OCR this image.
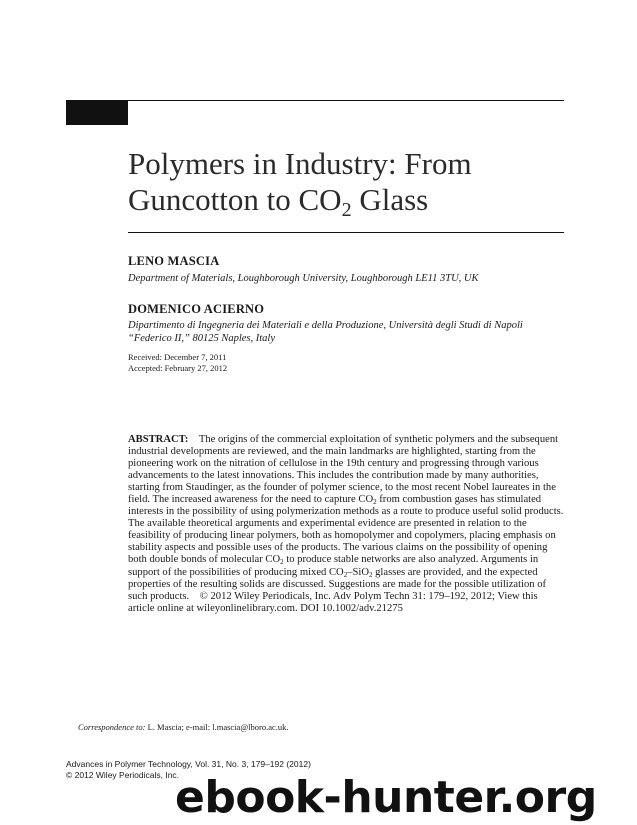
Polymers in Industry: From
Guncotton to $CO_2$ Glass
LENO MASCIA
Department of Materials, Loughborough University, Loughborough LE11 3TU, UK
DOMENICO ACIERNO
Dipartimento di Ingegneria dei Materiali e della Produzione, Università degli Studi di Napoli “Federico II,” 80125 Naples, Italy
Received: December 7, 2011
Accepted: February 27, 2012
ABSTRACT: The origins of the commercial exploitation of synthetic polymers and the subsequent industrial developments are reviewed, and the main landmarks are highlighted, starting from the pioneering work on the nitration of cellulose in the 19th century and progressing through various advancements to the latest innovations. This includes the contribution made by many authorities, starting from Staudinger, as the founder of polymer science, to the most recent Nobel laureates in the field. The increased awareness for the need to capture $CO_2$ from combustion gases has stimulated interests in the possibility of using polymerization methods as a route to produce useful solid products. The available theoretical arguments and experimental evidence are presented in relation to the feasibility of producing linear polymers, both as homopolymer and copolymers, placing emphasis on stability aspects and possible uses of the products. The various claims on the possibility of opening both double bonds of molecular $CO_2$ to produce stable networks are also analyzed. Arguments in support of the possibilities of producing mixed $CO_2-SiO_2$ glasses are provided, and the expected properties of the resulting solids are discussed. Suggestions are made for the possible utilization of such products. © 2012 Wiley Periodicals, Inc. Adv Polym Techn 31: 179–192, 2012; View this article online at wileyonlinelibrary.com. DOI 10.1002/adv.21275
Correspondence to: L. Mascia; e-mail: l.mascia@lboro.ac.uk.
Advances in Polymer Technology, Vol. 31, No. 3, 179–192 (2012)
© 2012 Wiley Periodicals, Inc.
ebook-hunter.org
